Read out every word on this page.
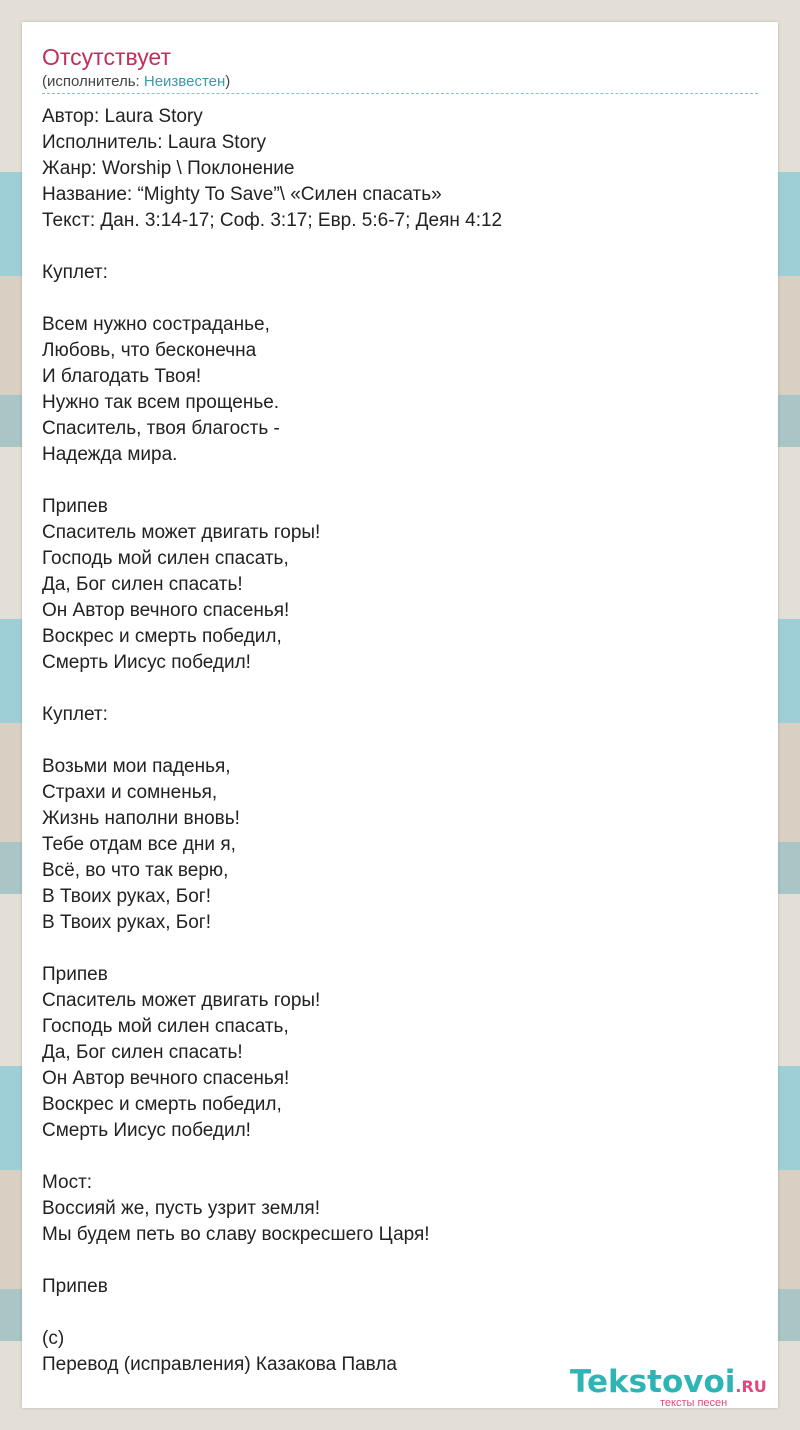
Отсутствует
(исполнитель: Неизвестен)
Автор: Laura Story
Исполнитель: Laura Story
Жанр: Worship \ Поклонение
Название: “Mighty To Save”\ «Силен спасать»
Текст: Дан. 3:14-17; Соф. 3:17; Евр. 5:6-7; Деян 4:12
Куплет:
Всем нужно состраданье,
Любовь, что бесконечна
И благодать Твоя!
Нужно так всем прощенье.
Спаситель, твоя благость -
Надежда мира.
Припев
Спаситель может двигать горы!
Господь мой силен спасать,
Да, Бог силен спасать!
Он Автор вечного спасенья!
Воскрес и смерть победил,
Смерть Иисус победил!
Куплет:
Возьми мои паденья,
Страхи и сомненья,
Жизнь наполни вновь!
Тебе отдам все дни я,
Всё, во что так верю,
В Твоих руках, Бог!
В Твоих руках, Бог!
Припев
Спаситель может двигать горы!
Господь мой силен спасать,
Да, Бог силен спасать!
Он Автор вечного спасенья!
Воскрес и смерть победил,
Смерть Иисус победил!
Мост:
Воссияй же, пусть узрит земля!
Мы будем петь во славу воскресшего Царя!
Припев
(c)
Перевод (исправления) Казакова Павла	Tekstovoi.RU
тексты песен
